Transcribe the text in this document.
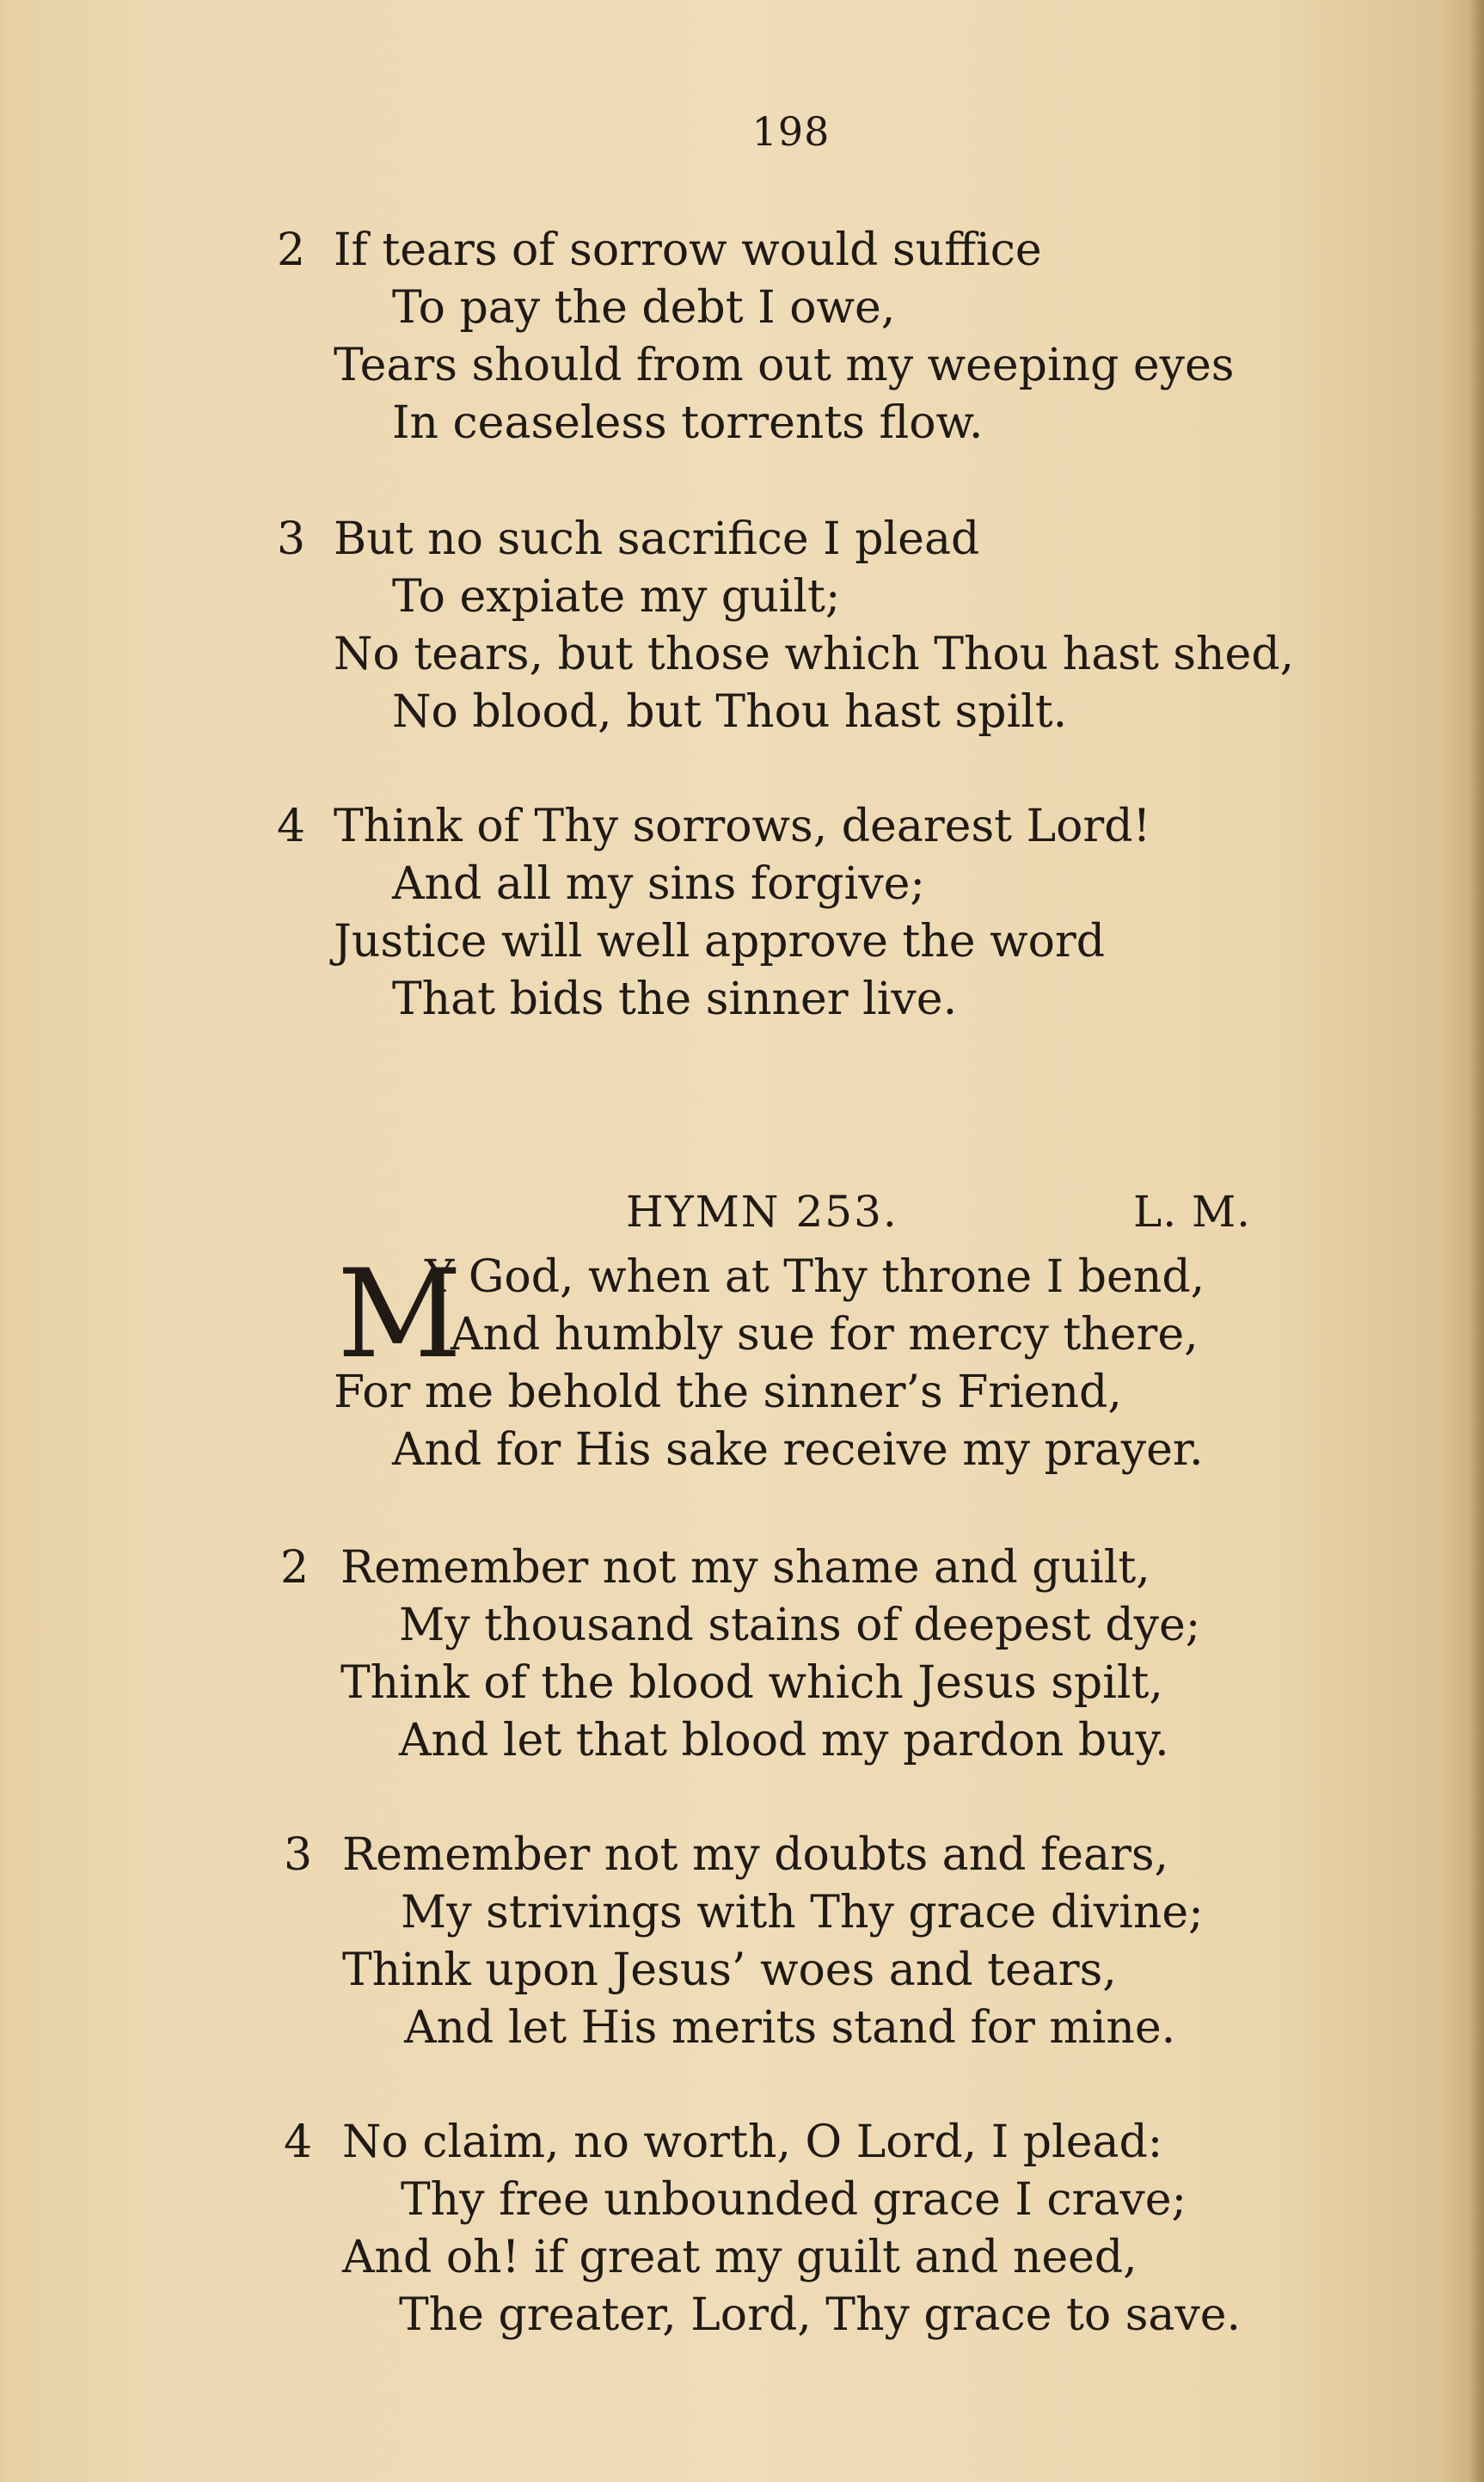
198
2 If tears of sorrow would suffice
To pay the debt I owe,
Tears should from out my weeping eyes
In ceaseless torrents flow.
3 But no such sacrifice I plead
To expiate my guilt;
No tears, but those which Thou hast shed,
No blood, but Thou hast spilt.
4 Think of Thy sorrows, dearest Lord!
And all my sins forgive;
Justice will well approve the word
That bids the sinner live.
HYMN 253.	L. M.
M
Y God, when at Thy throne I bend,
And humbly sue for mercy there,
For me behold the sinner’s Friend,
And for His sake receive my prayer.
2 Remember not my shame and guilt,
My thousand stains of deepest dye;
Think of the blood which Jesus spilt,
And let that blood my pardon buy.
3 Remember not my doubts and fears,
My strivings with Thy grace divine;
Think upon Jesus’ woes and tears,
And let His merits stand for mine.
4 No claim, no worth, O Lord, I plead:
Thy free unbounded grace I crave;
And oh! if great my guilt and need,
The greater, Lord, Thy grace to save.
